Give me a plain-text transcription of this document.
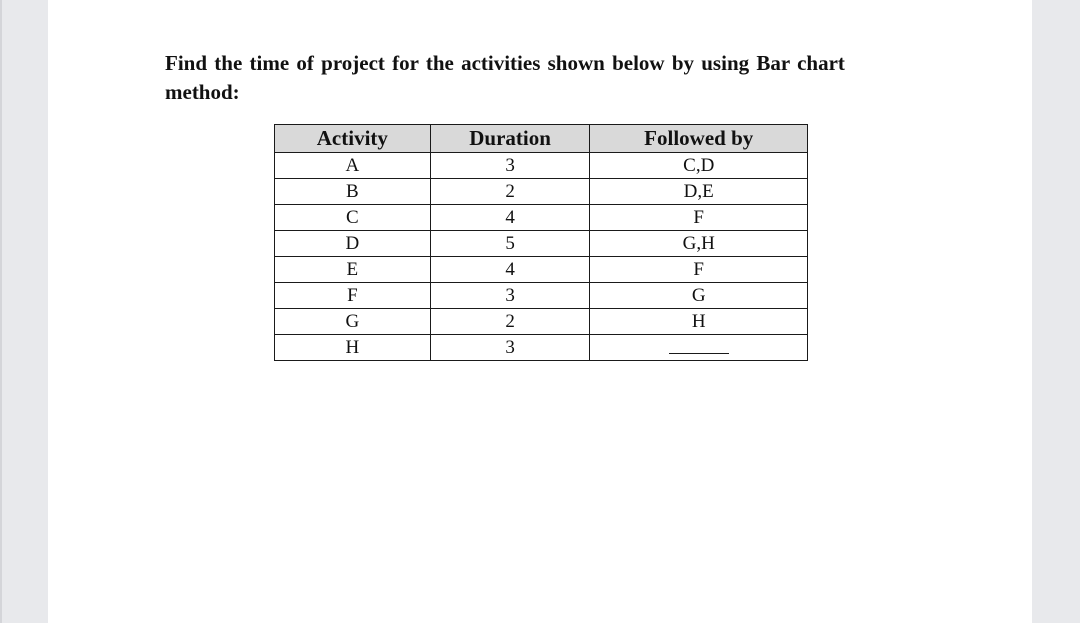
Find the time of project for the activities shown below by using Bar chart method:

Activity	Duration	Followed by
A	3	C,D
B	2	D,E
C	4	F
D	5	G,H
E	4	F
F	3	G
G	2	H
H	3	
